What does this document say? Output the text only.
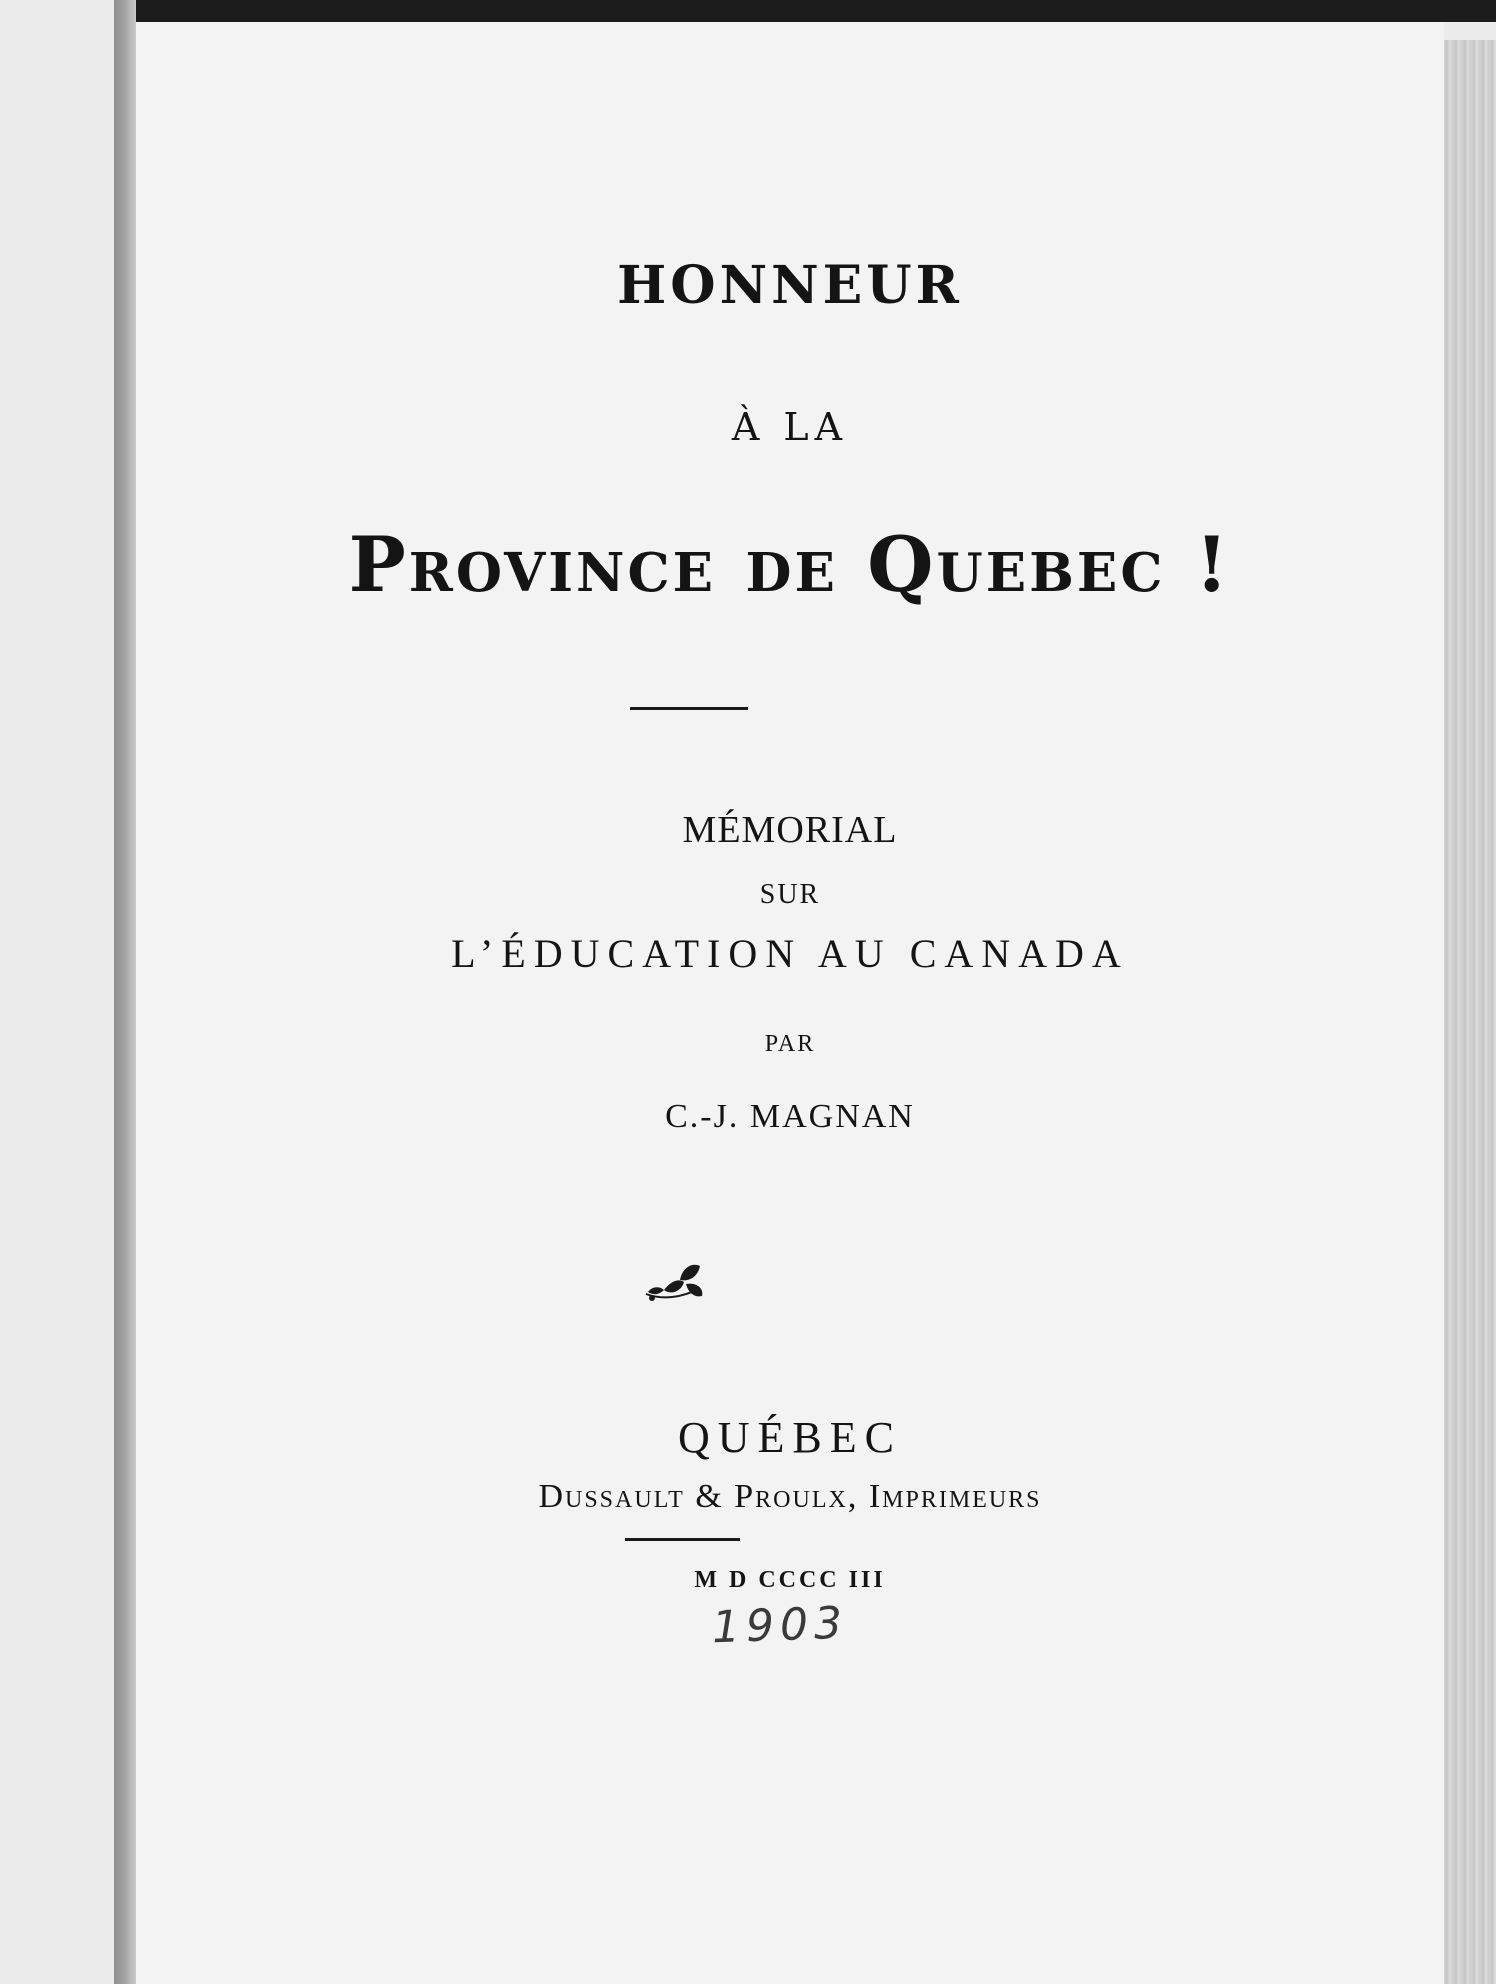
HONNEUR
À LA
Province de Quebec !
MÉMORIAL
SUR
L’ÉDUCATION AU CANADA
PAR
C.-J. MAGNAN
QUÉBEC
Dussault & Proulx, Imprimeurs
M D CCCC III
1903
